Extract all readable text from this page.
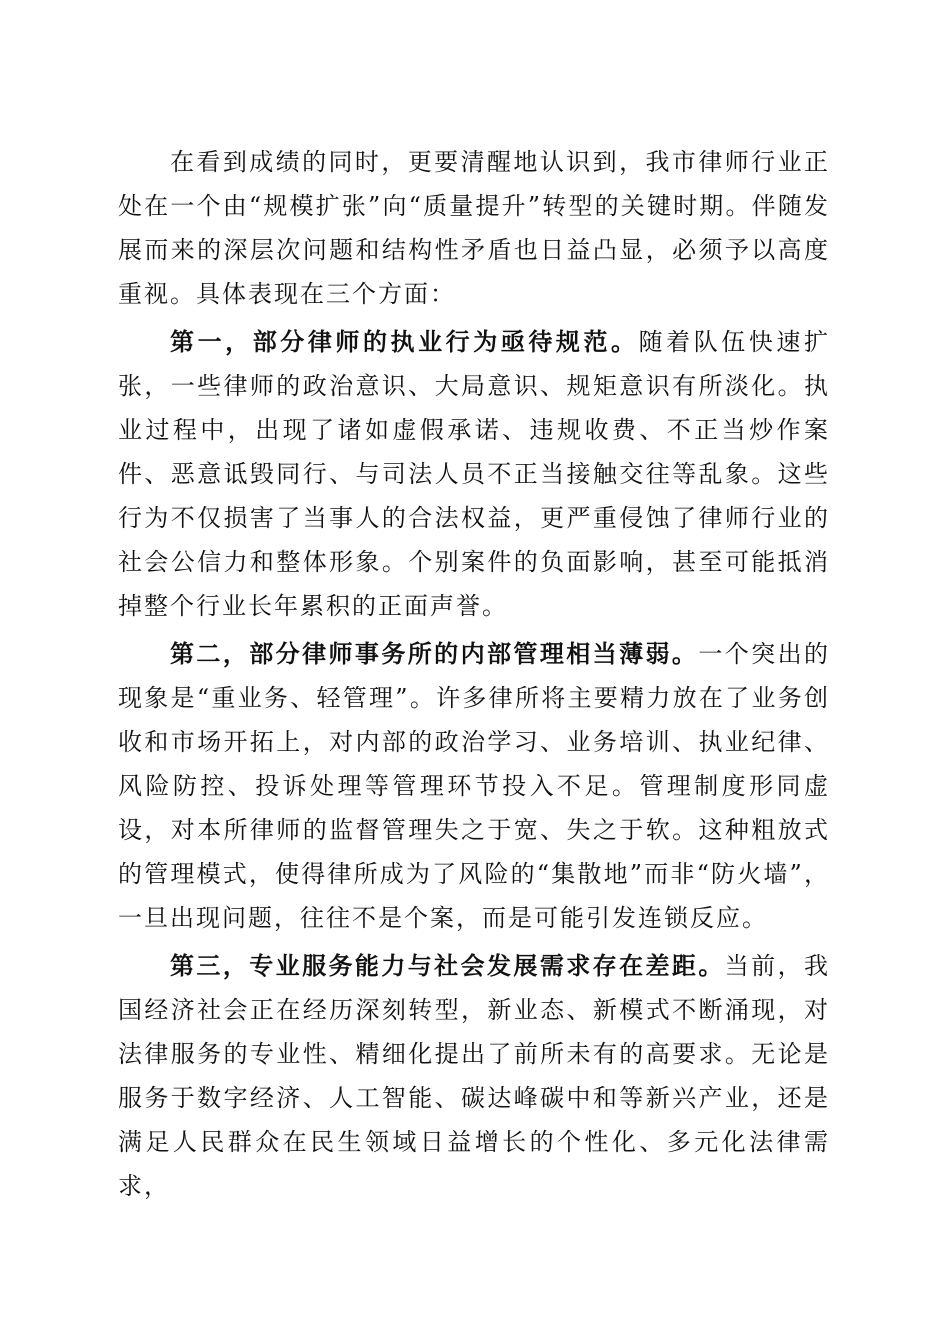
在看到成绩的同时，更要清醒地认识到，我市律师行业正处在一个由“规模扩张”向“质量提升”转型的关键时期。伴随发展而来的深层次问题和结构性矛盾也日益凸显，必须予以高度重视。具体表现在三个方面：

第一，部分律师的执业行为亟待规范。随着队伍快速扩张，一些律师的政治意识、大局意识、规矩意识有所淡化。执业过程中，出现了诸如虚假承诺、违规收费、不正当炒作案件、恶意诋毁同行、与司法人员不正当接触交往等乱象。这些行为不仅损害了当事人的合法权益，更严重侵蚀了律师行业的社会公信力和整体形象。个别案件的负面影响，甚至可能抵消掉整个行业长年累积的正面声誉。

第二，部分律师事务所的内部管理相当薄弱。一个突出的现象是“重业务、轻管理”。许多律所将主要精力放在了业务创收和市场开拓上，对内部的政治学习、业务培训、执业纪律、风险防控、投诉处理等管理环节投入不足。管理制度形同虚设，对本所律师的监督管理失之于宽、失之于软。这种粗放式的管理模式，使得律所成为了风险的“集散地”而非“防火墙”，一旦出现问题，往往不是个案，而是可能引发连锁反应。

第三，专业服务能力与社会发展需求存在差距。当前，我国经济社会正在经历深刻转型，新业态、新模式不断涌现，对法律服务的专业性、精细化提出了前所未有的高要求。无论是服务于数字经济、人工智能、碳达峰碳中和等新兴产业，还是满足人民群众在民生领域日益增长的个性化、多元化法律需求，
